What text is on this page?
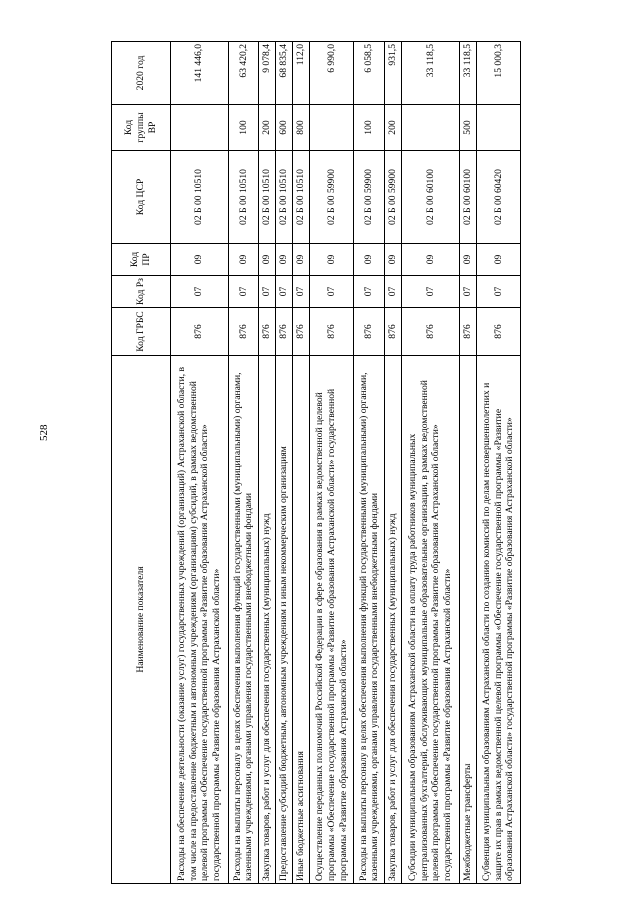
528
Наименование показателя	Код ГРБС	Код Рз	Код ПР	Код ЦСР	Код группы ВР	2020 год
Расходы на обеспечение деятельности (оказание услуг) государственных учреждений (организаций) Астраханской области, в том числе на предоставление бюджетным и автономным учреждениям (организациям) субсидий, в рамках ведомственной целевой программы «Обеспечение государственной программы «Развитие образования Астраханской области» государственной программы «Развитие образования Астраханской области»	876	07	09	02 Б 00 10510		141 446,0
Расходы на выплаты персоналу в целях обеспечения выполнения функций государственными (муниципальными) органами, казенными учреждениями, органами управления государственными внебюджетными фондами	876	07	09	02 Б 00 10510	100	63 420,2
Закупка товаров, работ и услуг для обеспечения государственных (муниципальных) нужд	876	07	09	02 Б 00 10510	200	9 078,4
Предоставление субсидий бюджетным, автономным учреждениям и иным некоммерческим организациям	876	07	09	02 Б 00 10510	600	68 835,4
Иные бюджетные ассигнования	876	07	09	02 Б 00 10510	800	112,0
Осуществление переданных полномочий Российской Федерации в сфере образования в рамках ведомственной целевой программы «Обеспечение государственной программы «Развитие образования Астраханской области» государственной программы «Развитие образования Астраханской области»	876	07	09	02 Б 00 59900		6 990,0
Расходы на выплаты персоналу в целях обеспечения выполнения функций государственными (муниципальными) органами, казенными учреждениями, органами управления государственными внебюджетными фондами	876	07	09	02 Б 00 59900	100	6 058,5
Закупка товаров, работ и услуг для обеспечения государственных (муниципальных) нужд	876	07	09	02 Б 00 59900	200	931,5
Субсидии муниципальным образованиям Астраханской области на оплату труда работников муниципальных централизованных бухгалтерий, обслуживающих муниципальные образовательные организации, в рамках ведомственной целевой программы «Обеспечение государственной программы «Развитие образования Астраханской области» государственной программы «Развитие образования Астраханской области»	876	07	09	02 Б 00 60100		33 118,5
Межбюджетные трансферты	876	07	09	02 Б 00 60100	500	33 118,5
Субвенция муниципальным образованиям Астраханской области по созданию комиссий по делам несовершеннолетних и защите их прав в рамках ведомственной целевой программы «Обеспечение государственной программы «Развитие образования Астраханской области» государственной программы «Развитие образования Астраханской области»	876	07	09	02 Б 00 60420		15 000,3
